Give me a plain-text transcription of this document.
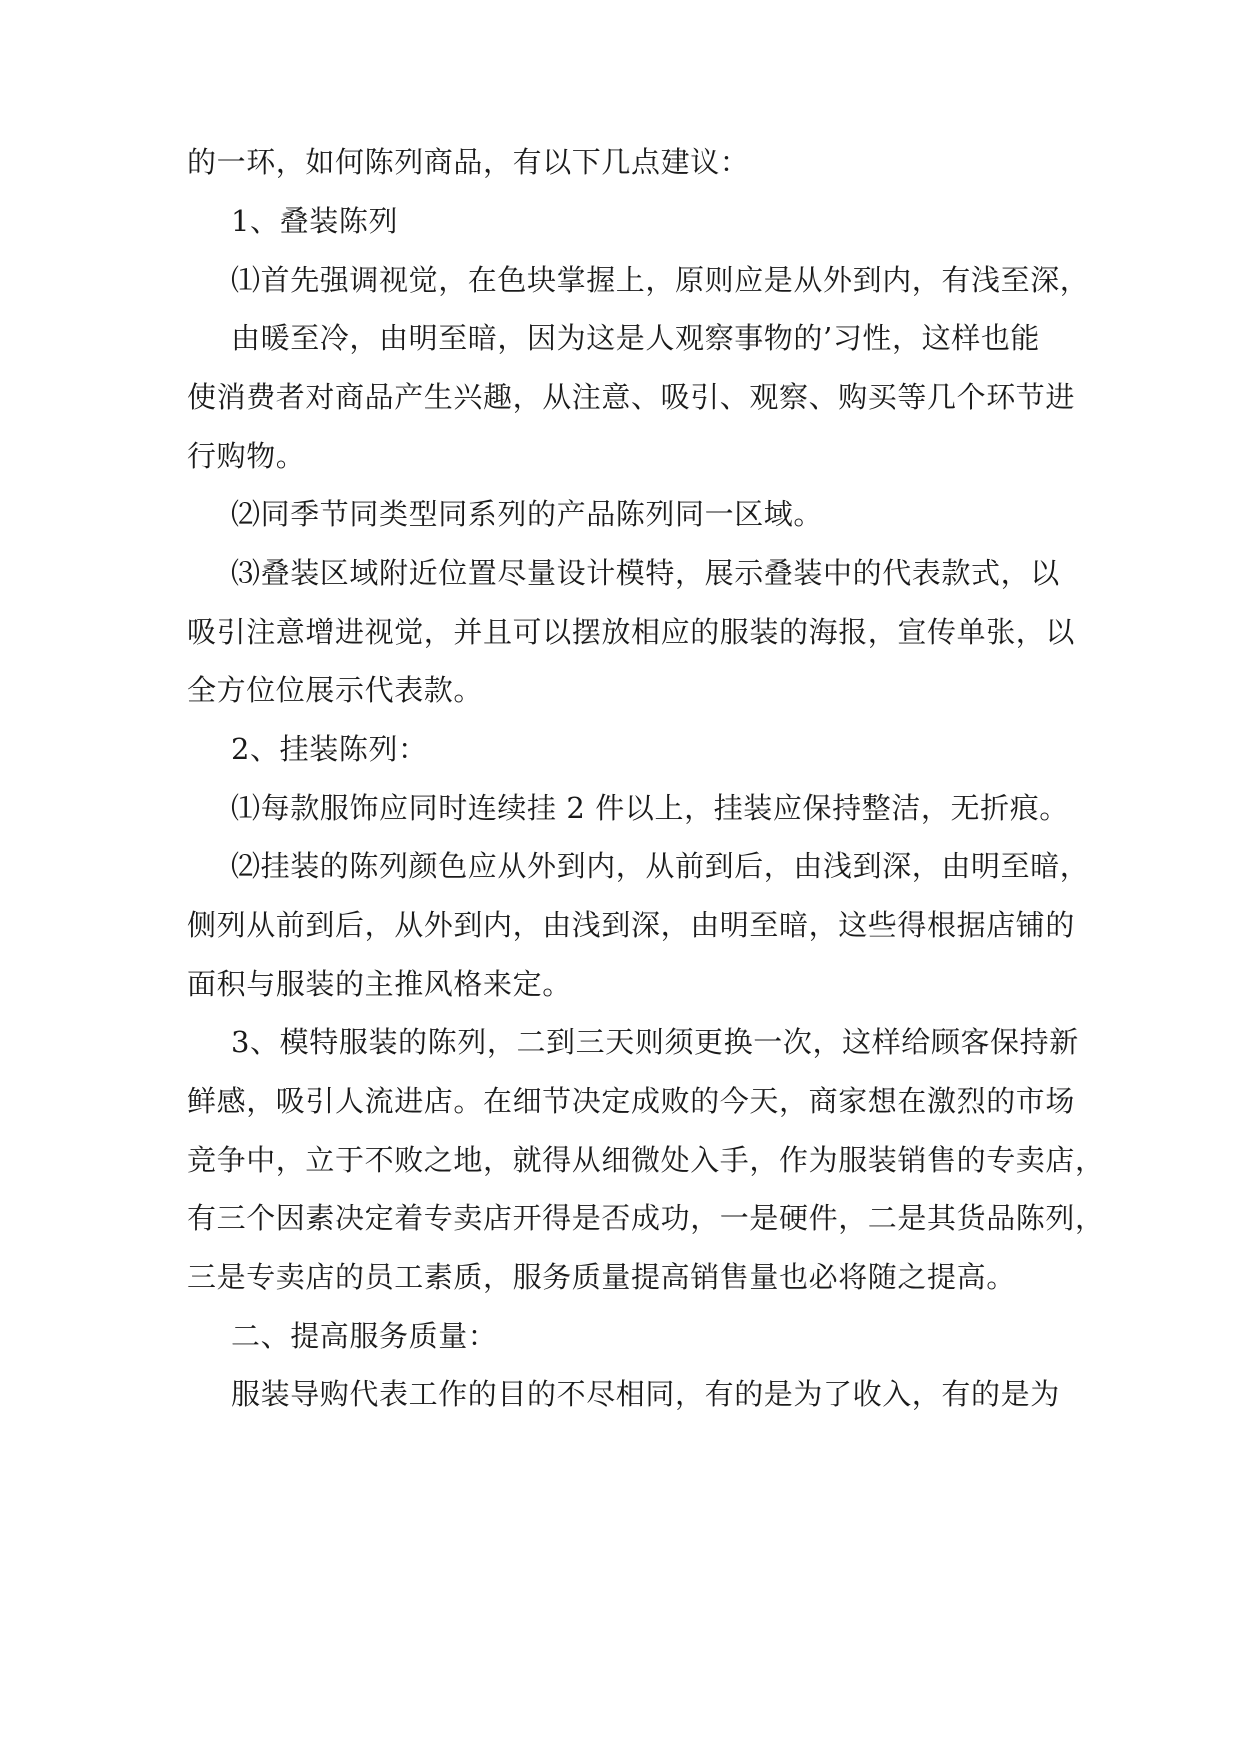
的一环，如何陈列商品，有以下几点建议：
1、叠装陈列
⑴首先强调视觉，在色块掌握上，原则应是从外到内，有浅至深，
由暖至冷，由明至暗，因为这是人观察事物的’习性，这样也能
使消费者对商品产生兴趣，从注意、吸引、观察、购买等几个环节进
行购物。
⑵同季节同类型同系列的产品陈列同一区域。
⑶叠装区域附近位置尽量设计模特，展示叠装中的代表款式，以
吸引注意增进视觉，并且可以摆放相应的服装的海报，宣传单张，以
全方位位展示代表款。
2、挂装陈列：
⑴每款服饰应同时连续挂 2 件以上，挂装应保持整洁，无折痕。
⑵挂装的陈列颜色应从外到内，从前到后，由浅到深，由明至暗，
侧列从前到后，从外到内，由浅到深，由明至暗，这些得根据店铺的
面积与服装的主推风格来定。
3、模特服装的陈列，二到三天则须更换一次，这样给顾客保持新
鲜感，吸引人流进店。在细节决定成败的今天，商家想在激烈的市场
竞争中，立于不败之地，就得从细微处入手，作为服装销售的专卖店，
有三个因素决定着专卖店开得是否成功，一是硬件，二是其货品陈列，
三是专卖店的员工素质，服务质量提高销售量也必将随之提高。
二、提高服务质量：
服装导购代表工作的目的不尽相同，有的是为了收入，有的是为
